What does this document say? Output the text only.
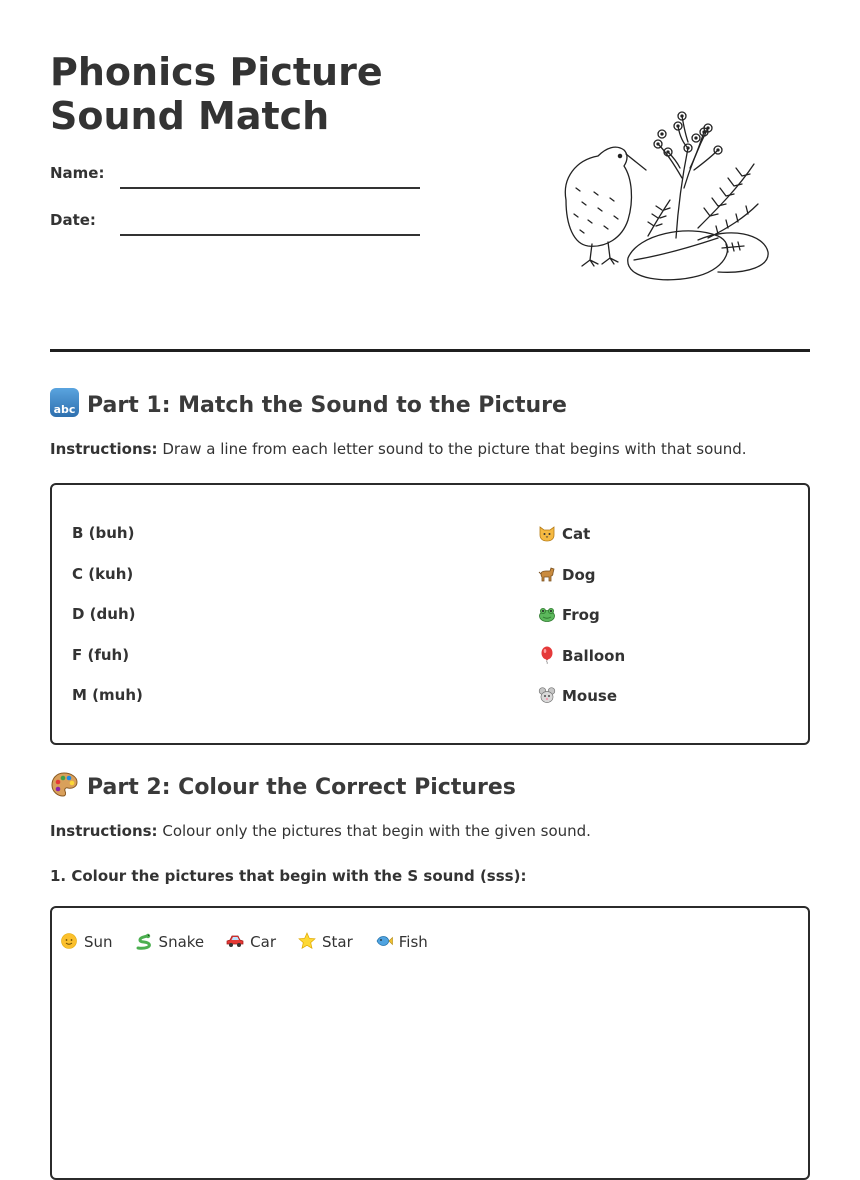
Phonics Picture Sound Match
Name:
Date:
abc Part 1: Match the Sound to the Picture
Instructions: Draw a line from each letter sound to the picture that begins with that sound.
B (buh)
C (kuh)
D (duh)
F (fuh)
M (muh)
Cat
Dog
Frog
Balloon
Mouse
Part 2: Colour the Correct Pictures
Instructions: Colour only the pictures that begin with the given sound.
1. Colour the pictures that begin with the S sound (sss):
Sun	Snake	Car	Star	Fish
